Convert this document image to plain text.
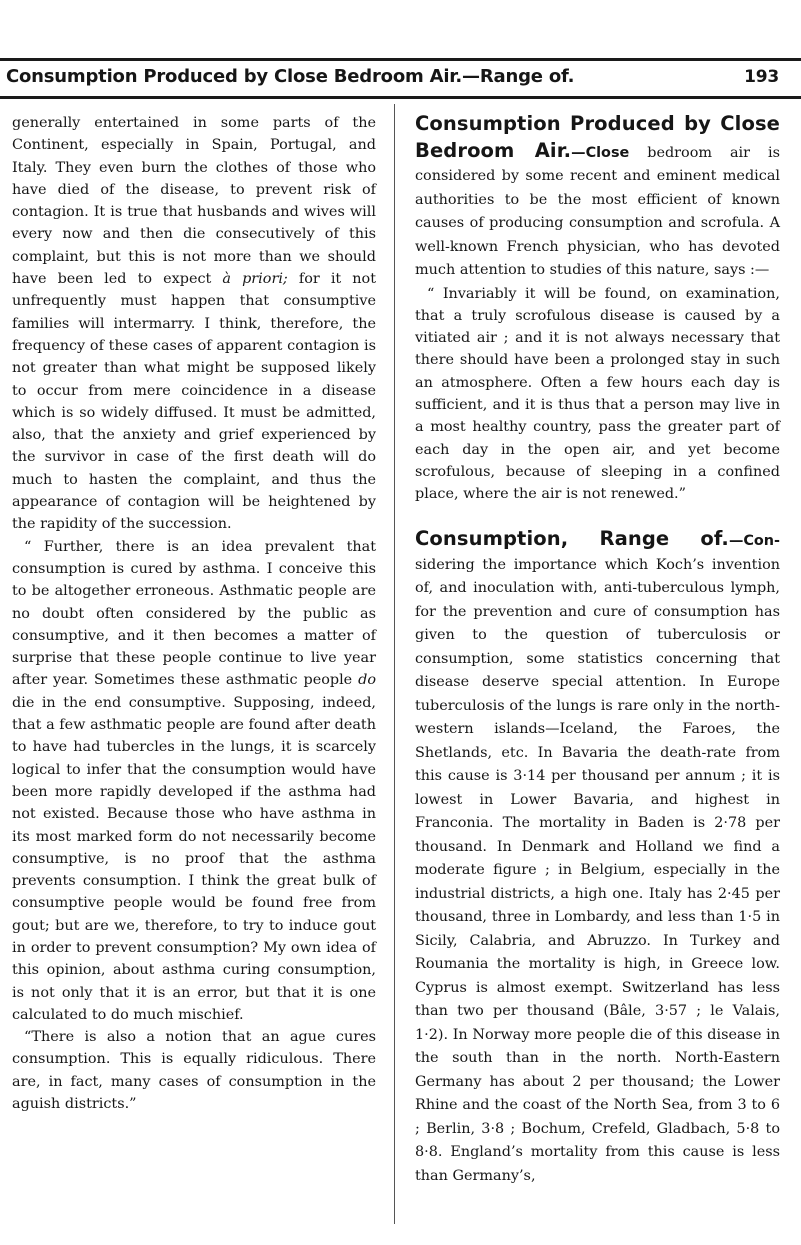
Consumption Produced by Close Bedroom Air.—Range of.	193

generally entertained in some parts of the Continent, especially in Spain, Portugal, and Italy. They even burn the clothes of those who have died of the disease, to prevent risk of contagion. It is true that husbands and wives will every now and then die consecutively of this complaint, but this is not more than we should have been led to expect à priori; for it not unfrequently must happen that consumptive families will intermarry. I think, therefore, the frequency of these cases of apparent contagion is not greater than what might be supposed likely to occur from mere coincidence in a disease which is so widely diffused. It must be admitted, also, that the anxiety and grief experienced by the survivor in case of the first death will do much to hasten the complaint, and thus the appearance of contagion will be heightened by the rapidity of the succession.

“ Further, there is an idea prevalent that consumption is cured by asthma. I conceive this to be altogether erroneous. Asthmatic people are no doubt often considered by the public as consumptive, and it then becomes a matter of surprise that these people continue to live year after year. Sometimes these asthmatic people do die in the end consumptive. Supposing, indeed, that a few asthmatic people are found after death to have had tubercles in the lungs, it is scarcely logical to infer that the consumption would have been more rapidly developed if the asthma had not existed. Because those who have asthma in its most marked form do not necessarily become consumptive, is no proof that the asthma prevents consumption. I think the great bulk of consumptive people would be found free from gout; but are we, therefore, to try to induce gout in order to prevent consumption? My own idea of this opinion, about asthma curing consumption, is not only that it is an error, but that it is one calculated to do much mischief.

“There is also a notion that an ague cures consumption. This is equally ridiculous. There are, in fact, many cases of consumption in the aguish districts.”

Consumption Produced by Close Bedroom Air.—Close bedroom air is considered by some recent and eminent medical authorities to be the most efficient of known causes of producing consumption and scrofula. A well-known French physician, who has devoted much attention to studies of this nature, says :—

“ Invariably it will be found, on examination, that a truly scrofulous disease is caused by a vitiated air ; and it is not always necessary that there should have been a prolonged stay in such an atmosphere. Often a few hours each day is sufficient, and it is thus that a person may live in a most healthy country, pass the greater part of each day in the open air, and yet become scrofulous, because of sleeping in a confined place, where the air is not renewed.”

Consumption, Range of.—Con-sidering the importance which Koch’s invention of, and inoculation with, anti-tuberculous lymph, for the prevention and cure of consumption has given to the question of tuberculosis or consumption, some statistics concerning that disease deserve special attention. In Europe tuberculosis of the lungs is rare only in the north-western islands—Iceland, the Faroes, the Shetlands, etc. In Bavaria the death-rate from this cause is 3·14 per thousand per annum ; it is lowest in Lower Bavaria, and highest in Franconia. The mortality in Baden is 2·78 per thousand. In Denmark and Holland we find a moderate figure ; in Belgium, especially in the industrial districts, a high one. Italy has 2·45 per thousand, three in Lombardy, and less than 1·5 in Sicily, Calabria, and Abruzzo. In Turkey and Roumania the mortality is high, in Greece low. Cyprus is almost exempt. Switzerland has less than two per thousand (Bâle, 3·57 ; le Valais, 1·2). In Norway more people die of this disease in the south than in the north. North-Eastern Germany has about 2 per thousand; the Lower Rhine and the coast of the North Sea, from 3 to 6 ; Berlin, 3·8 ; Bochum, Crefeld, Gladbach, 5·8 to 8·8. England’s mortality from this cause is less than Germany’s,
